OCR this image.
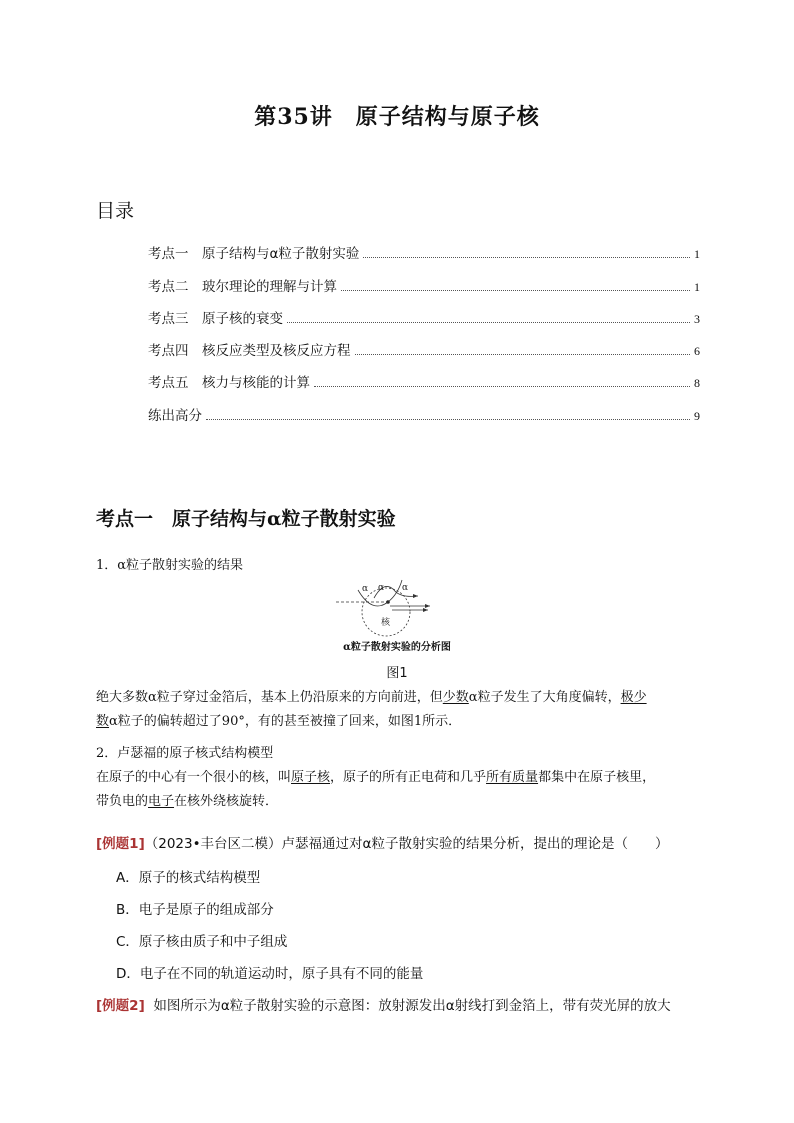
第35讲　原子结构与原子核
目录
考点一　原子结构与α粒子散射实验	1
考点二　玻尔理论的理解与计算	1
考点三　原子核的衰变	3
考点四　核反应类型及核反应方程	6
考点五　核力与核能的计算	8
练出高分	9
考点一　原子结构与α粒子散射实验
1．α粒子散射实验的结果
α α α
核
α粒子散射实验的分析图
图1
绝大多数α粒子穿过金箔后，基本上仍沿原来的方向前进，但少数α粒子发生了大角度偏转，极少
数α粒子的偏转超过了90°，有的甚至被撞了回来，如图1所示．
2．卢瑟福的原子核式结构模型
在原子的中心有一个很小的核，叫原子核，原子的所有正电荷和几乎所有质量都集中在原子核里，
带负电的电子在核外绕核旋转．
[例题1]（2023•丰台区二模）卢瑟福通过对α粒子散射实验的结果分析，提出的理论是（　　）
A．原子的核式结构模型
B．电子是原子的组成部分
C．原子核由质子和中子组成
D．电子在不同的轨道运动时，原子具有不同的能量
[例题2] 如图所示为α粒子散射实验的示意图：放射源发出α射线打到金箔上，带有荧光屏的放大
